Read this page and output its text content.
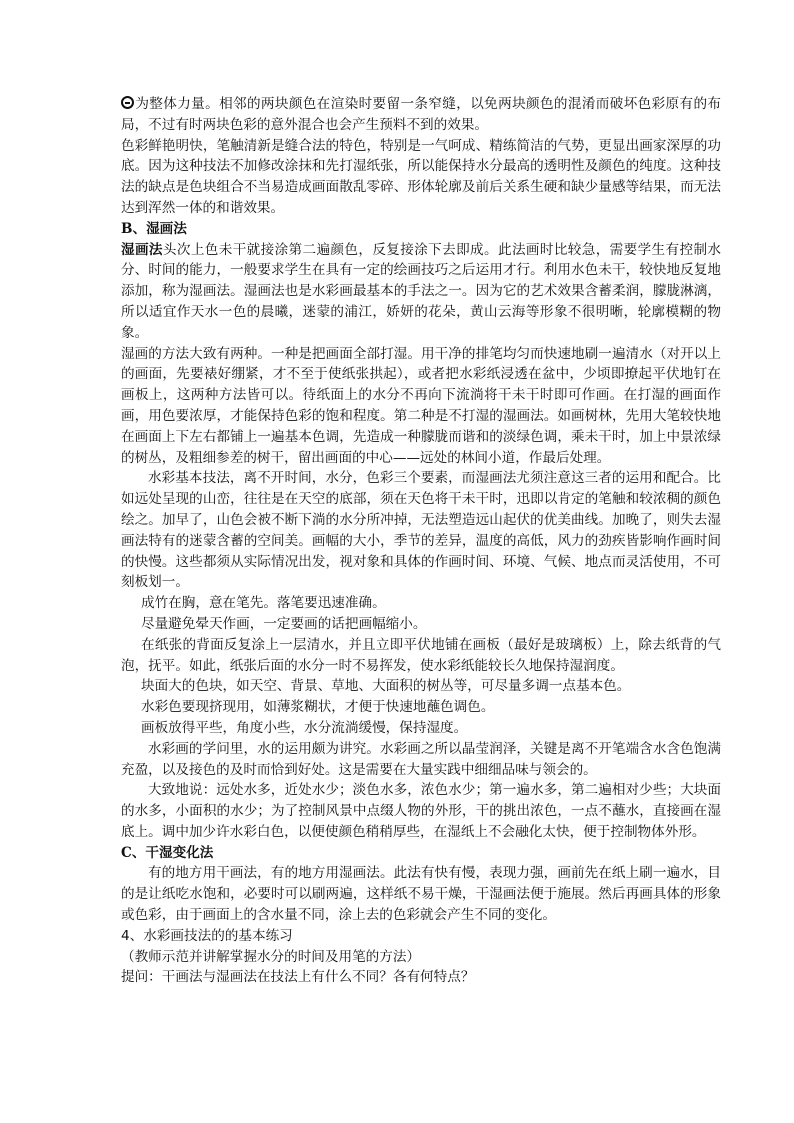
为整体力量。相邻的两块颜色在渲染时要留一条窄缝，以免两块颜色的混淆而破坏色彩原有的布局，不过有时两块色彩的意外混合也会产生预料不到的效果。

色彩鲜艳明快，笔触清新是缝合法的特色，特别是一气呵成、精练简洁的气势，更显出画家深厚的功底。因为这种技法不加修改涂抹和先打湿纸张，所以能保持水分最高的透明性及颜色的纯度。这种技法的缺点是色块组合不当易造成画面散乱零碎、形体轮廓及前后关系生硬和缺少量感等结果，而无法达到浑然一体的和谐效果。

B、湿画法

湿画法头次上色未干就接涂第二遍颜色，反复接涂下去即成。此法画时比较急，需要学生有控制水分、时间的能力，一般要求学生在具有一定的绘画技巧之后运用才行。利用水色未干，较快地反复地添加，称为湿画法。湿画法也是水彩画最基本的手法之一。因为它的艺术效果含蓄柔润，朦胧淋漓，所以适宜作天水一色的晨曦，迷蒙的浦江，娇妍的花朵，黄山云海等形象不很明晰，轮廓模糊的物象。

湿画的方法大致有两种。一种是把画面全部打湿。用干净的排笔均匀而快速地刷一遍清水（对开以上的画面，先要裱好绷紧，才不至于使纸张拱起），或者把水彩纸浸透在盆中，少顷即撩起平伏地钉在画板上，这两种方法皆可以。待纸面上的水分不再向下流淌将干未干时即可作画。在打湿的画面作画，用色要浓厚，才能保持色彩的饱和程度。第二种是不打湿的湿画法。如画树林，先用大笔较快地在画面上下左右都铺上一遍基本色调，先造成一种朦胧而谐和的淡绿色调，乘未干时，加上中景浓绿的树丛，及粗细参差的树干，留出画面的中心——远处的林间小道，作最后处理。

水彩基本技法，离不开时间，水分，色彩三个要素，而湿画法尤须注意这三者的运用和配合。比如远处呈现的山峦，往往是在天空的底部，须在天色将干未干时，迅即以肯定的笔触和较浓稠的颜色绘之。加早了，山色会被不断下淌的水分所冲掉，无法塑造远山起伏的优美曲线。加晚了，则失去湿画法特有的迷蒙含蓄的空间美。画幅的大小，季节的差异，温度的高低，风力的劲疾皆影响作画时间的快慢。这些都须从实际情况出发，视对象和具体的作画时间、环境、气候、地点而灵活使用，不可刻板划一。

成竹在胸，意在笔先。落笔要迅速准确。

尽量避免晕天作画，一定要画的话把画幅缩小。

在纸张的背面反复涂上一层清水，并且立即平伏地铺在画板（最好是玻璃板）上，除去纸背的气泡，抚平。如此，纸张后面的水分一时不易挥发，使水彩纸能较长久地保持湿润度。

块面大的色块，如天空、背景、草地、大面积的树丛等，可尽量多调一点基本色。

水彩色要现挤现用，如薄浆糊状，才便于快速地蘸色调色。

画板放得平些，角度小些，水分流淌缓慢，保持湿度。

水彩画的学问里，水的运用颇为讲究。水彩画之所以晶莹润泽，关键是离不开笔端含水含色饱满充盈，以及接色的及时而恰到好处。这是需要在大量实践中细细品味与领会的。

大致地说：远处水多，近处水少；淡色水多，浓色水少；第一遍水多，第二遍相对少些；大块面的水多，小面积的水少；为了控制风景中点缀人物的外形，干的挑出浓色，一点不蘸水，直接画在湿底上。调中加少许水彩白色，以便使颜色稍稍厚些，在湿纸上不会融化太快，便于控制物体外形。

C、干湿变化法

有的地方用干画法，有的地方用湿画法。此法有快有慢，表现力强，画前先在纸上刷一遍水，目的是让纸吃水饱和，必要时可以刷两遍，这样纸不易干燥，干湿画法便于施展。然后再画具体的形象或色彩，由于画面上的含水量不同，涂上去的色彩就会产生不同的变化。

4、水彩画技法的的基本练习

（教师示范并讲解掌握水分的时间及用笔的方法）

提问：干画法与湿画法在技法上有什么不同？各有何特点？
